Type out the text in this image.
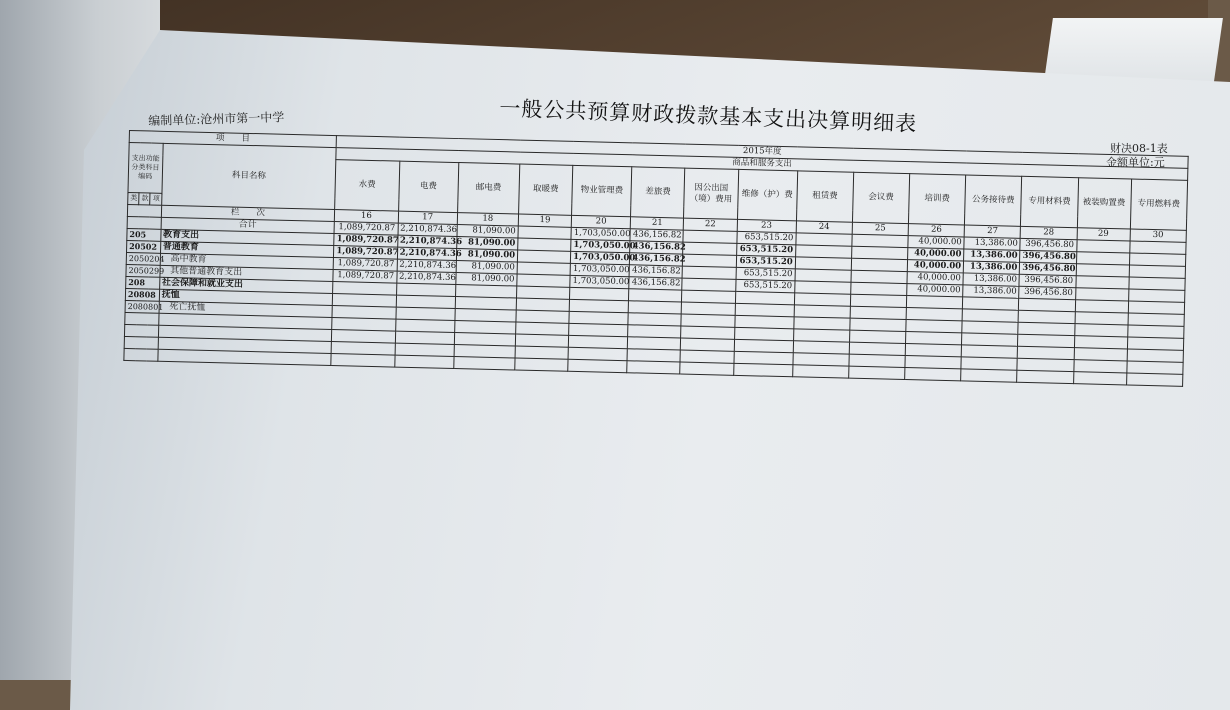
一般公共预算财政拨款基本支出决算明细表
编制单位:沧州市第一中学
财决08-1表
金额单位:元
项　　目				2015年度														
支出功能分类科目编码			科目名称	商品和服务支出														
				水费	电费	邮电费	取暖费	物业管理费	差旅费	因公出国（境）费用	维修（护）费	租赁费	会议费	培训费	公务接待费	专用材料费	被装购置费	专用燃料费

类	款	项																
			栏　　次	16	17	18	19	20	21	22	23	24	25	26	27	28	29	30
			合计	1,089,720.87	2,210,874.36	81,090.00		1,703,050.00	436,156.82		653,515.20			40,000.00	13,386.00	396,456.80		
205			教育支出	1,089,720.87	2,210,874.36	81,090.00		1,703,050.00	436,156.82		653,515.20			40,000.00	13,386.00	396,456.80		
20502			普通教育	1,089,720.87	2,210,874.36	81,090.00		1,703,050.00	436,156.82		653,515.20			40,000.00	13,386.00	396,456.80		
2050204			高中教育	1,089,720.87	2,210,874.36	81,090.00		1,703,050.00	436,156.82		653,515.20			40,000.00	13,386.00	396,456.80		
2050299			其他普通教育支出	1,089,720.87	2,210,874.36	81,090.00		1,703,050.00	436,156.82		653,515.20			40,000.00	13,386.00	396,456.80		
208			社会保障和就业支出															
20808			抚恤															
2080801			死亡抚恤															
